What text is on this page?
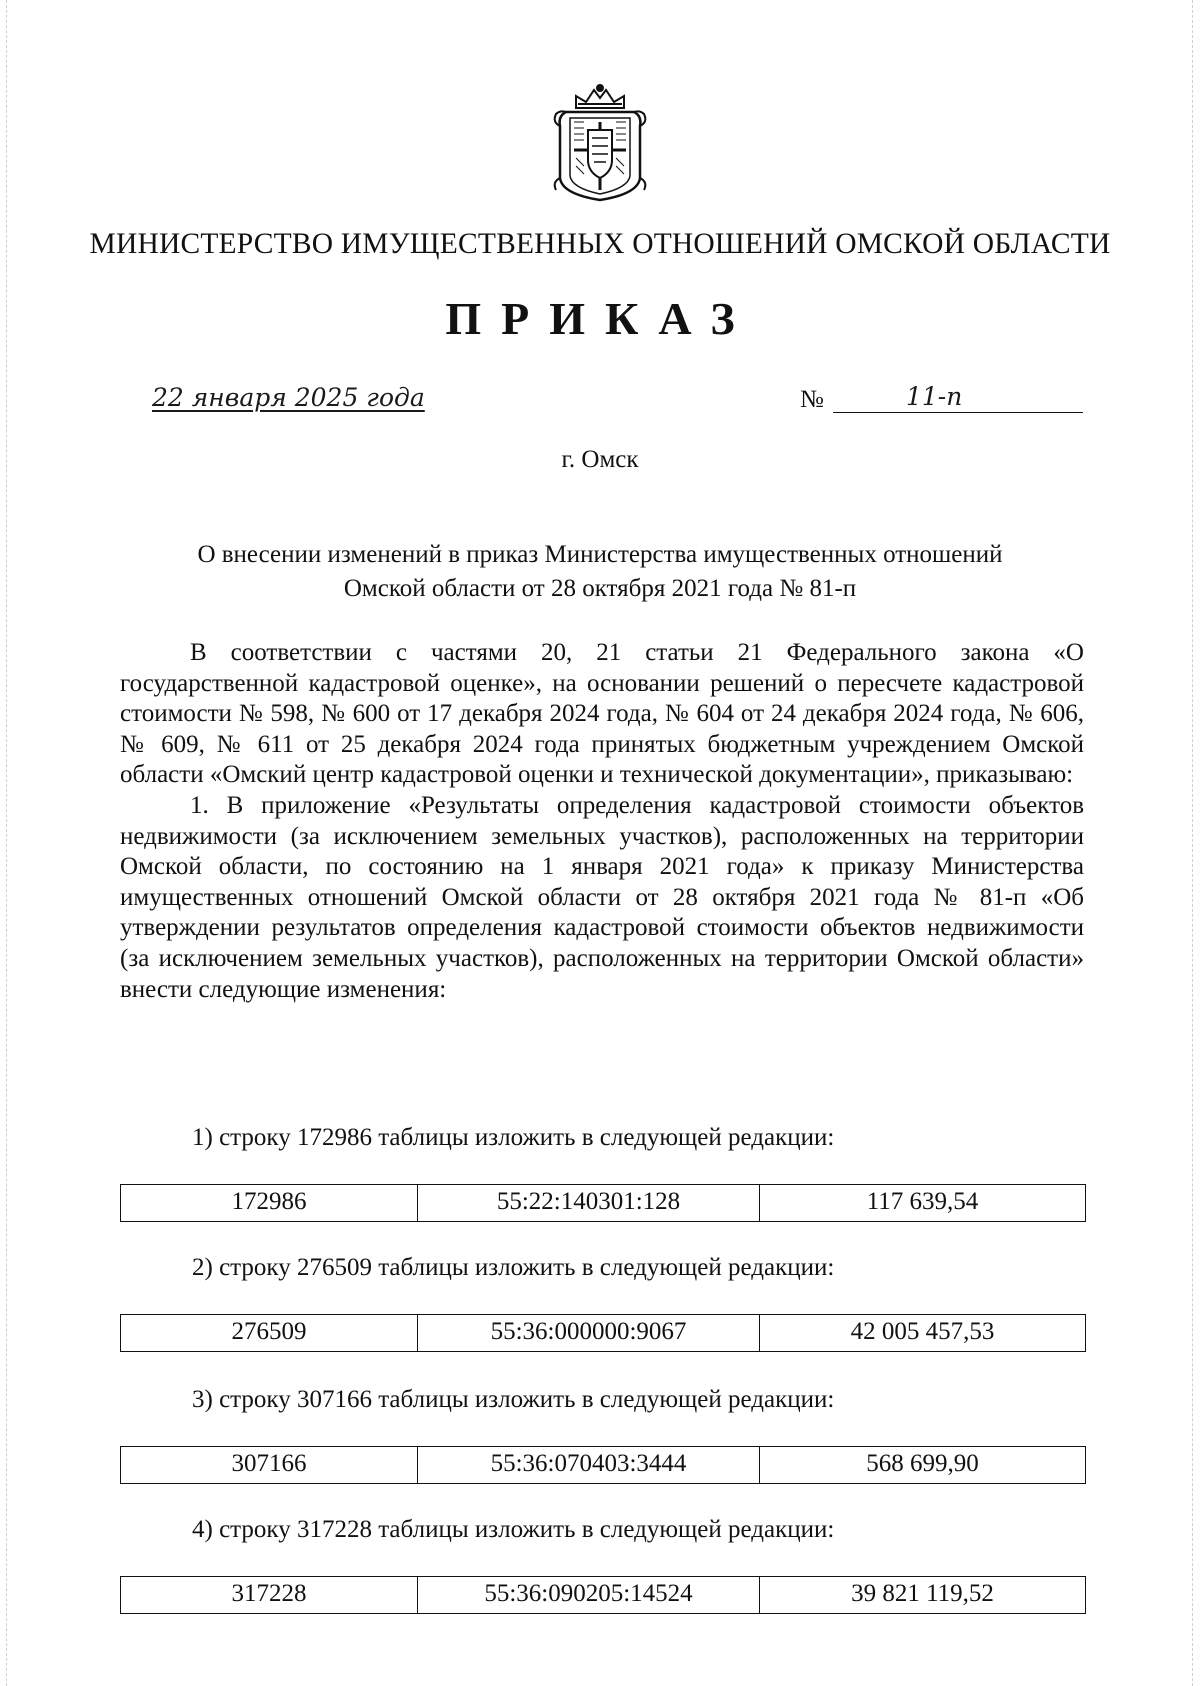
МИНИСТЕРСТВО ИМУЩЕСТВЕННЫХ ОТНОШЕНИЙ ОМСКОЙ ОБЛАСТИ
ПРИКАЗ
22 января 2025 года	№	11-п
г. Омск
О внесении изменений в приказ Министерства имущественных отношений
Омской области от 28 октября 2021 года № 81-п

В соответствии с частями 20, 21 статьи 21 Федерального закона «О государственной кадастровой оценке», на основании решений о пересчете кадастровой стоимости № 598, № 600 от 17 декабря 2024 года, № 604 от 24 декабря 2024 года, № 606, № 609, № 611 от 25 декабря 2024 года принятых бюджетным учреждением Омской области «Омский центр кадастровой оценки и технической документации», приказываю:

1. В приложение «Результаты определения кадастровой стоимости объектов недвижимости (за исключением земельных участков), расположенных на территории Омской области, по состоянию на 1 января 2021 года» к приказу Министерства имущественных отношений Омской области от 28 октября 2021 года № 81-п «Об утверждении результатов определения кадастровой стоимости объектов недвижимости (за исключением земельных участков), расположенных на территории Омской области» внести следующие изменения:

1) строку 172986 таблицы изложить в следующей редакции:
172986	55:22:140301:128	117 639,54
2) строку 276509 таблицы изложить в следующей редакции:
276509	55:36:000000:9067	42 005 457,53
3) строку 307166 таблицы изложить в следующей редакции:
307166	55:36:070403:3444	568 699,90
4) строку 317228 таблицы изложить в следующей редакции:
317228	55:36:090205:14524	39 821 119,52
